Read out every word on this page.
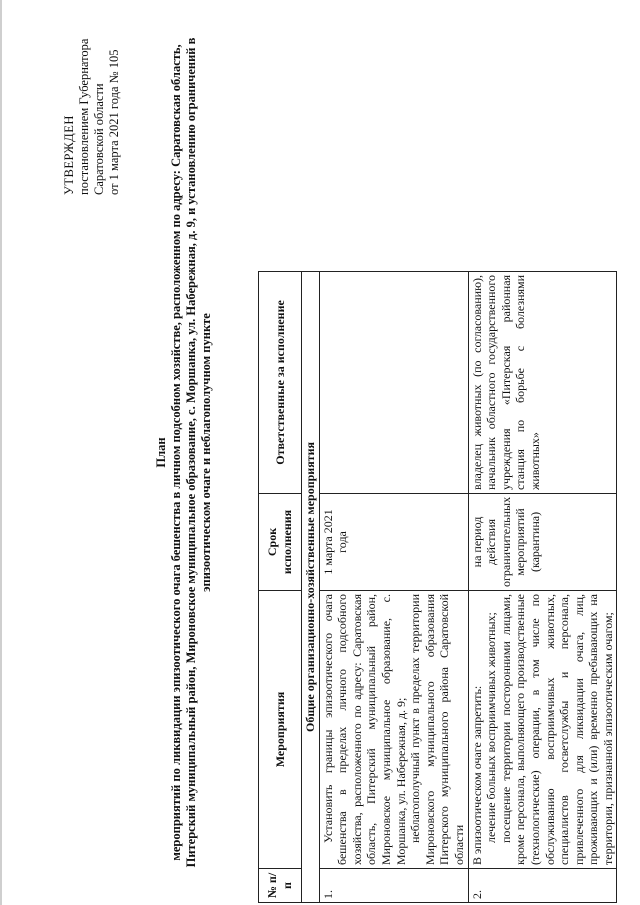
УТВЕРЖДЕН постановлением Губернатора Саратовской области от 1 марта 2021 года № 105
План мероприятий по ликвидации эпизоотического очага бешенства в личном подсобном хозяйстве, расположенном по адресу: Саратовская область, Питерский муниципальный район, Мироновское муниципальное образование, с. Моршанка, ул. Набережная, д. 9, и установлению ограничений в эпизоотическом очаге и неблагополучном пункте
№ п/п	Мероприятия	Срок исполнения	Ответственные за исполнение
Общие организационно-хозяйственные мероприятия			
1.	Установить границы эпизоотического очага бешенства в пределах личного подсобного хозяйства, расположенного по адресу: Саратовская область, Питерский муниципальный район, Мироновское муниципальное образование, с. Моршанка, ул. Набережная, д. 9; неблагополучный пункт в пределах территории Мироновского муниципального образования Питерского муниципального района Саратовской области	1 марта 2021 года	
2.	В эпизоотическом очаге запретить: лечение больных восприимчивых животных; посещение территории посторонними лицами, кроме персонала, выполняющего производственные (технологические) операции, в том числе по обслуживанию восприимчивых животных, специалистов госветслужбы и персонала, привлеченного для ликвидации очага, лиц, проживающих и (или) временно пребывающих на территории, признанной эпизоотическим очагом;	на период действия ограничительных мероприятий (карантина)	владелец животных (по согласованию), начальник областного государственного учреждения «Питерская районная станция по борьбе с болезнями животных»
